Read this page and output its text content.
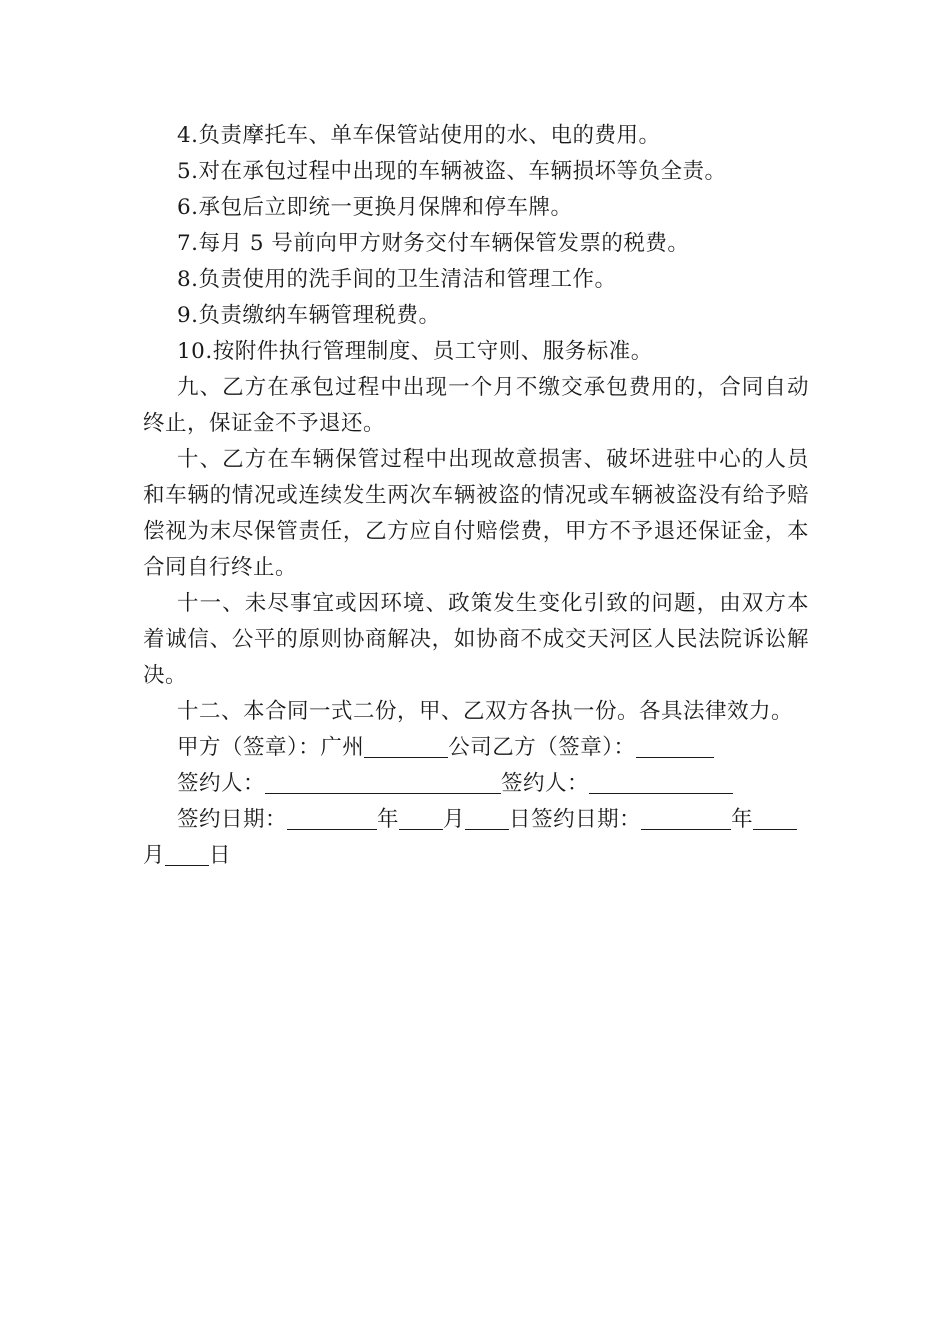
4.负责摩托车、单车保管站使用的水、电的费用。
5.对在承包过程中出现的车辆被盗、车辆损坏等负全责。
6.承包后立即统一更换月保牌和停车牌。
7.每月 5 号前向甲方财务交付车辆保管发票的税费。
8.负责使用的洗手间的卫生清洁和管理工作。
9.负责缴纳车辆管理税费。
10.按附件执行管理制度、员工守则、服务标准。

九、乙方在承包过程中出现一个月不缴交承包费用的，合同自动终止，保证金不予退还。

十、乙方在车辆保管过程中出现故意损害、破坏进驻中心的人员和车辆的情况或连续发生两次车辆被盗的情况或车辆被盗没有给予赔偿视为末尽保管责任，乙方应自付赔偿费，甲方不予退还保证金，本合同自行终止。

十一、未尽事宜或因环境、政策发生变化引致的问题，由双方本着诚信、公平的原则协商解决，如协商不成交天河区人民法院诉讼解决。

十二、本合同一式二份，甲、乙双方各执一份。各具法律效力。
甲方（签章）：广州	公司乙方（签章）：
签约人：	签约人：
签约日期：	年 月 日签约日期：	年
月 日
